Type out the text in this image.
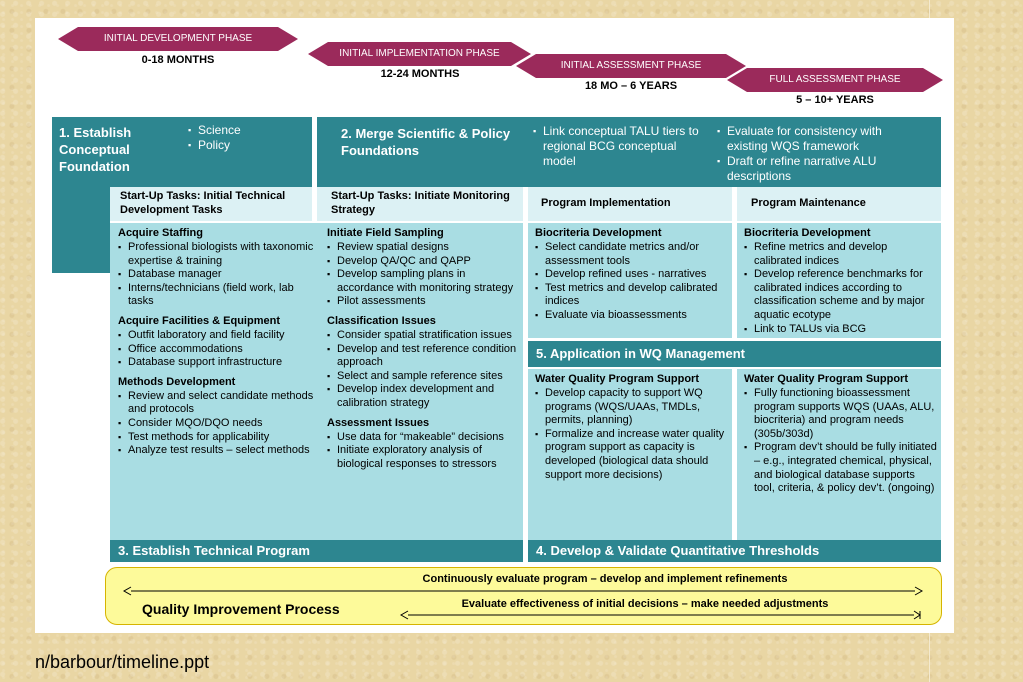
INITIAL DEVELOPMENT PHASE
0-18 MONTHS
INITIAL IMPLEMENTATION PHASE
12-24 MONTHS
INITIAL ASSESSMENT PHASE
18 MO – 6 YEARS
FULL ASSESSMENT PHASE
5 – 10+ YEARS
1. Establish Conceptual Foundation
▪ Science
▪ Policy
2. Merge Scientific & Policy Foundations
▪ Link conceptual TALU tiers to regional BCG conceptual model
▪ Evaluate for consistency with existing WQS framework
▪ Draft or refine narrative ALU descriptions
Start-Up Tasks: Initial Technical Development Tasks
Start-Up Tasks: Initiate Monitoring Strategy
Program Implementation	Program Maintenance
Acquire Staffing
▪ Professional biologists with taxonomic expertise & training
▪ Database manager
▪ Interns/technicians (field work, lab tasks
Acquire Facilities & Equipment
▪ Outfit laboratory and field facility
▪ Office accommodations
▪ Database support infrastructure
Methods Development
▪ Review and select candidate methods and protocols
▪ Consider MQO/DQO needs
▪ Test methods for applicability
▪ Analyze test results – select methods
Initiate Field Sampling
▪ Review spatial designs
▪ Develop QA/QC and QAPP
▪ Develop sampling plans in accordance with monitoring strategy
▪ Pilot assessments
Classification Issues
▪ Consider spatial stratification issues
▪ Develop and test reference condition approach
▪ Select and sample reference sites
▪ Develop index development and calibration strategy
Assessment Issues
▪ Use data for “makeable” decisions
▪ Initiate exploratory analysis of biological responses to stressors
Biocriteria Development
▪ Select candidate metrics and/or assessment tools
▪ Develop refined uses - narratives
▪ Test metrics and develop calibrated indices
▪ Evaluate via bioassessments
Biocriteria Development
▪ Refine metrics and develop calibrated indices
▪ Develop reference benchmarks for calibrated indices according to classification scheme and by major aquatic ecotype
▪ Link to TALUs via BCG
5. Application in WQ Management
Water Quality Program Support
▪ Develop capacity to support WQ programs (WQS/UAAs, TMDLs, permits, planning)
▪ Formalize and increase water quality program support as capacity is developed (biological data should support more decisions)
Water Quality Program Support
▪ Fully functioning bioassessment program supports WQS (UAAs, ALU, biocriteria) and program needs (305b/303d)
▪ Program dev’t should be fully initiated – e.g., integrated chemical, physical, and biological database supports tool, criteria, & policy dev’t. (ongoing)
3. Establish Technical Program	4. Develop & Validate Quantitative Thresholds
Quality Improvement Process
Continuously evaluate program – develop and implement refinements
Evaluate effectiveness of initial decisions – make needed adjustments
n/barbour/timeline.ppt
